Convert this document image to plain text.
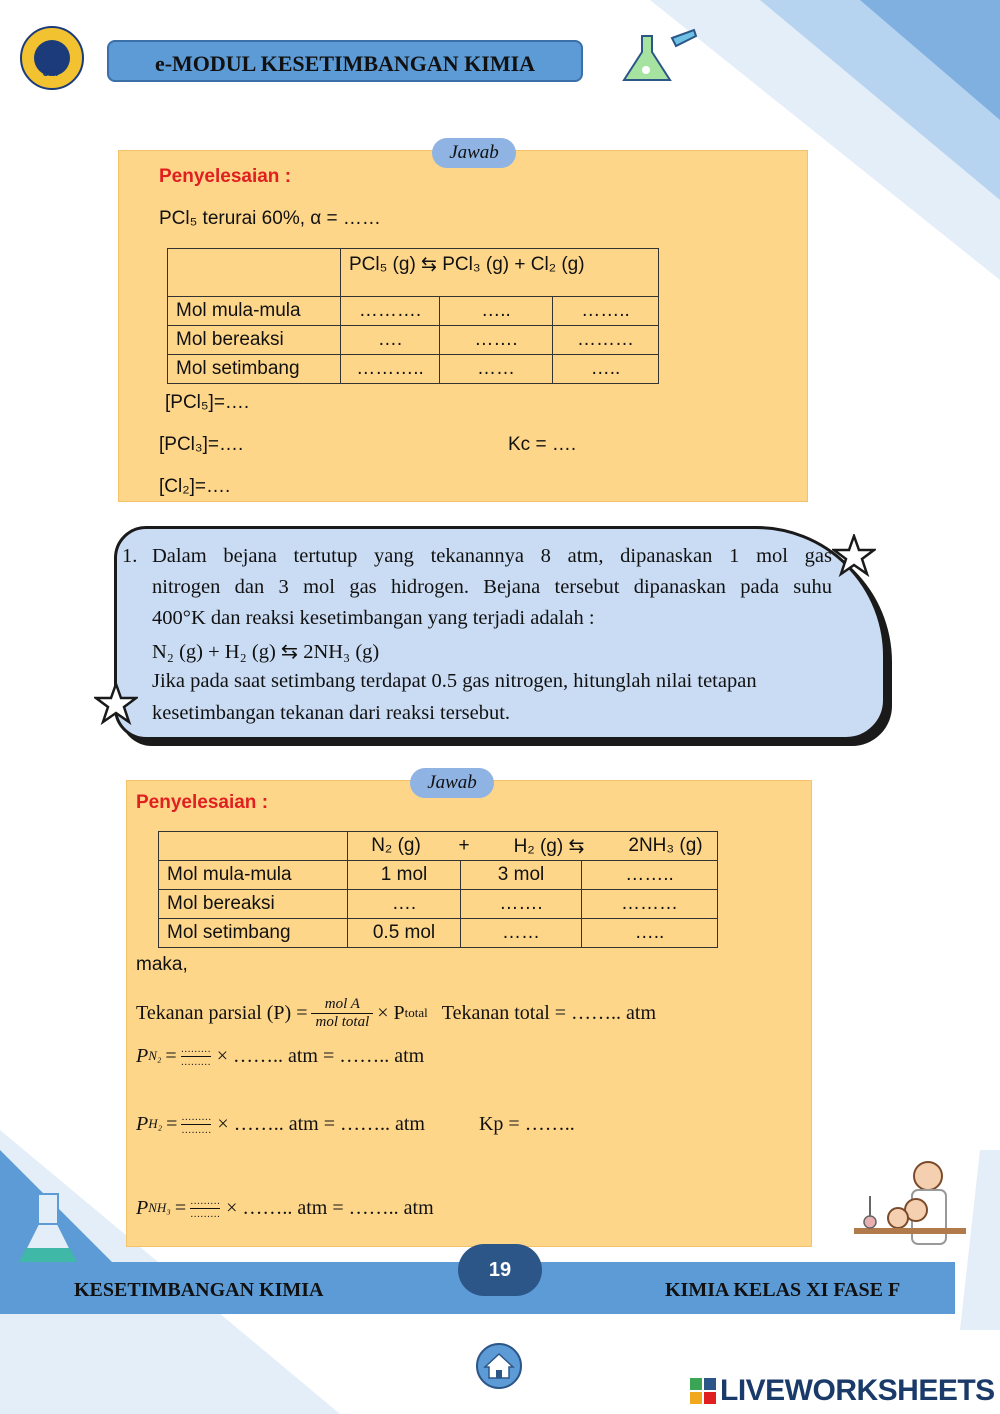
UNP	e-MODUL KESETIMBANGAN KIMIA
Jawab
Penyelesaian :
PCl₅ terurai 60%, α = ……
	PCl₅ (g) ⇆ PCl₃ (g) + Cl₂ (g)		
Mol mula-mula	……….	…..	……..
Mol bereaksi	….	…….	………
Mol setimbang	………..	……	…..
[PCl₅]=….
[PCl₃]=….	Kc = ….
[Cl₂]=….
1. Dalam bejana tertutup yang tekanannya 8 atm, dipanaskan 1 mol gas
nitrogen dan 3 mol gas hidrogen. Bejana tersebut dipanaskan pada suhu
400°K dan reaksi kesetimbangan yang terjadi adalah :
N₂ (g) + H₂ (g) ⇆ 2NH₃ (g)
Jika pada saat setimbang terdapat 0.5 gas nitrogen, hitunglah nilai tetapan
kesetimbangan tekanan dari reaksi tersebut.
Jawab
Penyelesaian :

	N₂ (g) + H₂ (g) ⇆ 2NH₃ (g)		

Mol mula-mula	1 mol	3 mol	……..
Mol bereaksi	….	…….	………
Mol setimbang	0.5 mol	……	…..
maka,
Tekanan parsial (P) = mol A
mol total × P total Tekanan total = …….. atm
P N₂ = ………
……… × …….. atm = …….. atm
P H₂ = ………
……… × …….. atm = …….. atm	Kp = ……..
P NH₃ = ………
……… × …….. atm = …….. atm
KESETIMBANGAN KIMIA	KIMIA KELAS XI FASE F
19
LIVEWORKSHEETS
